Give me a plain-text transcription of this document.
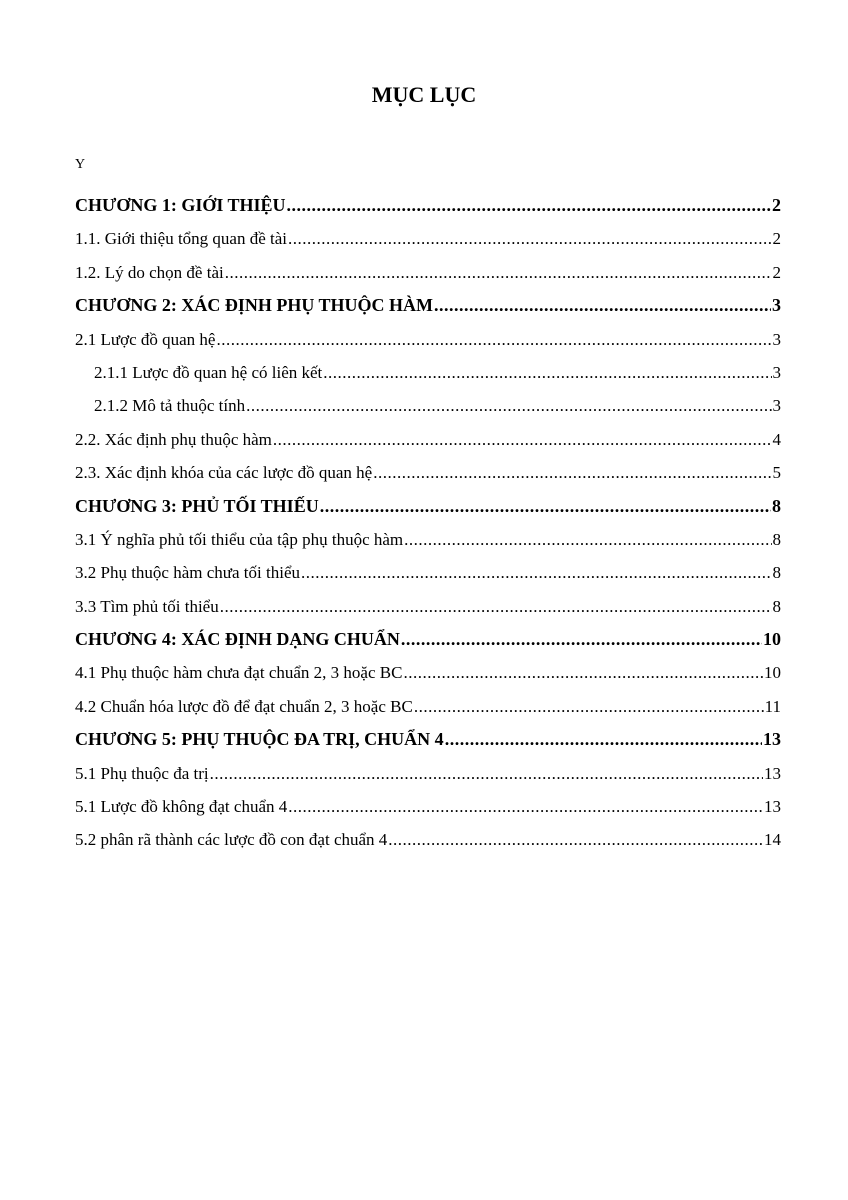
MỤC LỤC
Y
CHƯƠNG 1: GIỚI THIỆU .....	2
1.1. Giới thiệu tổng quan đề tài .....	2
1.2. Lý do chọn đề tài .....	2
CHƯƠNG 2: XÁC ĐỊNH PHỤ THUỘC HÀM .....	3
2.1 Lược đồ quan hệ .....	3
2.1.1 Lược đồ quan hệ có liên kết .....	3
2.1.2 Mô tả thuộc tính .....	3
2.2. Xác định phụ thuộc hàm .....	4
2.3. Xác định khóa của các lược đồ quan hệ .....	5
CHƯƠNG 3: PHỦ TỐI THIẾU .....	8
3.1 Ý nghĩa phủ tối thiểu của tập phụ thuộc hàm .....	8
3.2 Phụ thuộc hàm chưa tối thiểu .....	8
3.3 Tìm phủ tối thiểu .....	8
CHƯƠNG 4: XÁC ĐỊNH DẠNG CHUẨN .....	10
4.1 Phụ thuộc hàm chưa đạt chuẩn 2, 3 hoặc BC .....	10
4.2 Chuẩn hóa lược đồ để đạt chuẩn 2, 3 hoặc BC .....	11
CHƯƠNG 5: PHỤ THUỘC ĐA TRỊ, CHUẨN 4 .....	13
5.1 Phụ thuộc đa trị .....	13
5.1 Lược đồ không đạt chuẩn 4 .....	13
5.2 phân rã thành các lược đồ con đạt chuẩn 4 .....	14
